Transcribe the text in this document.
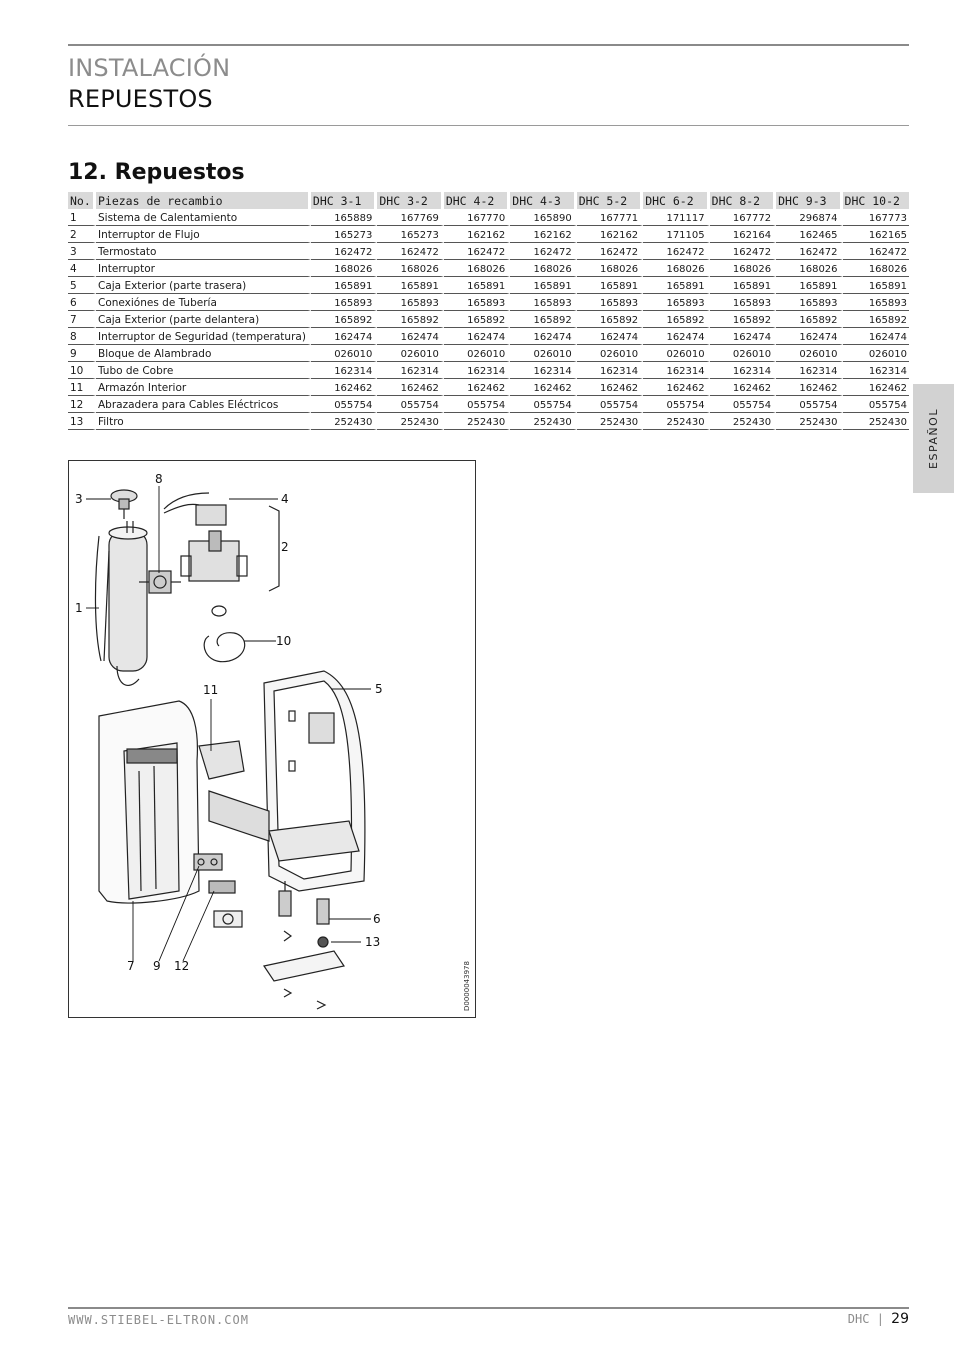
INSTALACIÓN
REPUESTOS
12. Repuestos
No.	Piezas de recambio	DHC 3-1	DHC 3-2	DHC 4-2	DHC 4-3	DHC 5-2	DHC 6-2	DHC 8-2	DHC 9-3	DHC 10-2
1	Sistema de Calentamiento	165889	167769	167770	165890	167771	171117	167772	296874	167773
2	Interruptor de Flujo	165273	165273	162162	162162	162162	171105	162164	162465	162165
3	Termostato	162472	162472	162472	162472	162472	162472	162472	162472	162472
4	Interruptor	168026	168026	168026	168026	168026	168026	168026	168026	168026
5	Caja Exterior (parte trasera)	165891	165891	165891	165891	165891	165891	165891	165891	165891
6	Conexiónes de Tubería	165893	165893	165893	165893	165893	165893	165893	165893	165893
7	Caja Exterior (parte delantera)	165892	165892	165892	165892	165892	165892	165892	165892	165892
8	Interruptor de Seguridad (temperatura)	162474	162474	162474	162474	162474	162474	162474	162474	162474
9	Bloque de Alambrado	026010	026010	026010	026010	026010	026010	026010	026010	026010
10	Tubo de Cobre	162314	162314	162314	162314	162314	162314	162314	162314	162314
11	Armazón Interior	162462	162462	162462	162462	162462	162462	162462	162462	162462
12	Abrazadera para Cables Eléctricos	055754	055754	055754	055754	055754	055754	055754	055754	055754
13	Filtro	252430	252430	252430	252430	252430	252430	252430	252430	252430	ESPAÑOL
8
3	4
2
1
10
11	5
6
13
7 9 12	D0000043978
WWW.STIEBEL-ELTRON.COM	DHC | 29
